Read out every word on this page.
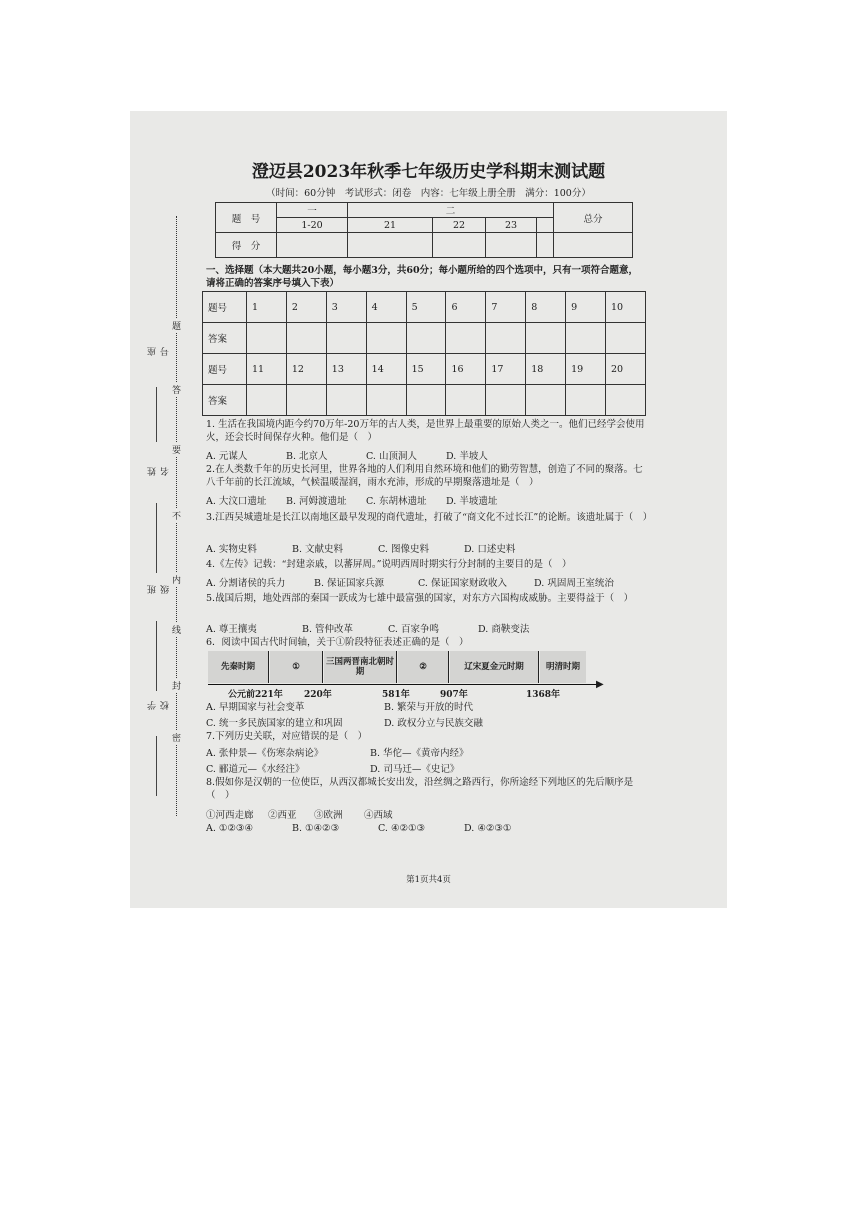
座号
姓名
班级
学校
题
答
要
不
内
线
封
密
澄迈县2023年秋季七年级历史学科期末测试题
（时间：60分钟　考试形式：闭卷　内容：七年级上册全册　满分：100分）
题　号	一	二				总分
	1-20	21	22	23		
得　分						
一、选择题（本大题共20小题，每小题3分，共60分；每小题所给的四个选项中，只有一项符合题意，请将正确的答案序号填入下表）
题号	1	2	3	4	5	6	7	8	9	10
答案										
题号	11	12	13	14	15	16	17	18	19	20
答案										
1. 生活在我国境内距今约70万年-20万年的古人类，是世界上最重要的原始人类之一。他们已经学会使用火，还会长时间保存火种。他们是（　）
A. 元谋人	B. 北京人	C. 山顶洞人	D. 半坡人
2.在人类数千年的历史长河里，世界各地的人们利用自然环境和他们的勤劳智慧，创造了不同的聚落。七八千年前的长江流域，气候温暖湿润，雨水充沛，形成的早期聚落遗址是（　）
A. 大汶口遗址 B. 河姆渡遗址 C. 东胡林遗址 D. 半坡遗址
3.江西吴城遗址是长江以南地区最早发现的商代遗址，打破了“商文化不过长江”的论断。该遗址属于（　）
A. 实物史料	B. 文献史料	C. 图像史料	D. 口述史料
4.《左传》记载：“封建亲戚，以蕃屏周。”说明西周时期实行分封制的主要目的是（　）
A. 分割诸侯的兵力	B. 保证国家兵源	C. 保证国家财政收入	D. 巩固周王室统治
5.战国后期，地处西部的秦国一跃成为七雄中最富强的国家，对东方六国构成威胁。主要得益于（　）
A. 尊王攘夷	B. 管仲改革	C. 百家争鸣	D. 商鞅变法
6．阅读中国古代时间轴，关于①阶段特征表述正确的是（　）
先秦时期	①	三国两晋南北朝时期	②	辽宋夏金元时期	明清时期
▶
公元前221年 220年	581年	907年	1368年
A. 早期国家与社会变革	B. 繁荣与开放的时代
C. 统一多民族国家的建立和巩固	D. 政权分立与民族交融
7.下列历史关联，对应错误的是（　）
A. 张仲景—《伤寒杂病论》	B. 华佗—《黄帝内经》
C. 郦道元—《水经注》	D. 司马迁—《史记》
8.假如你是汉朝的一位使臣，从西汉都城长安出发，沿丝绸之路西行，你所途经下列地区的先后顺序是（　）
①河西走廊 ②西亚 ③欧洲 ④西域
A. ①②③④	B. ①④②③	C. ④②①③	D. ④②③①
第1页共4页
